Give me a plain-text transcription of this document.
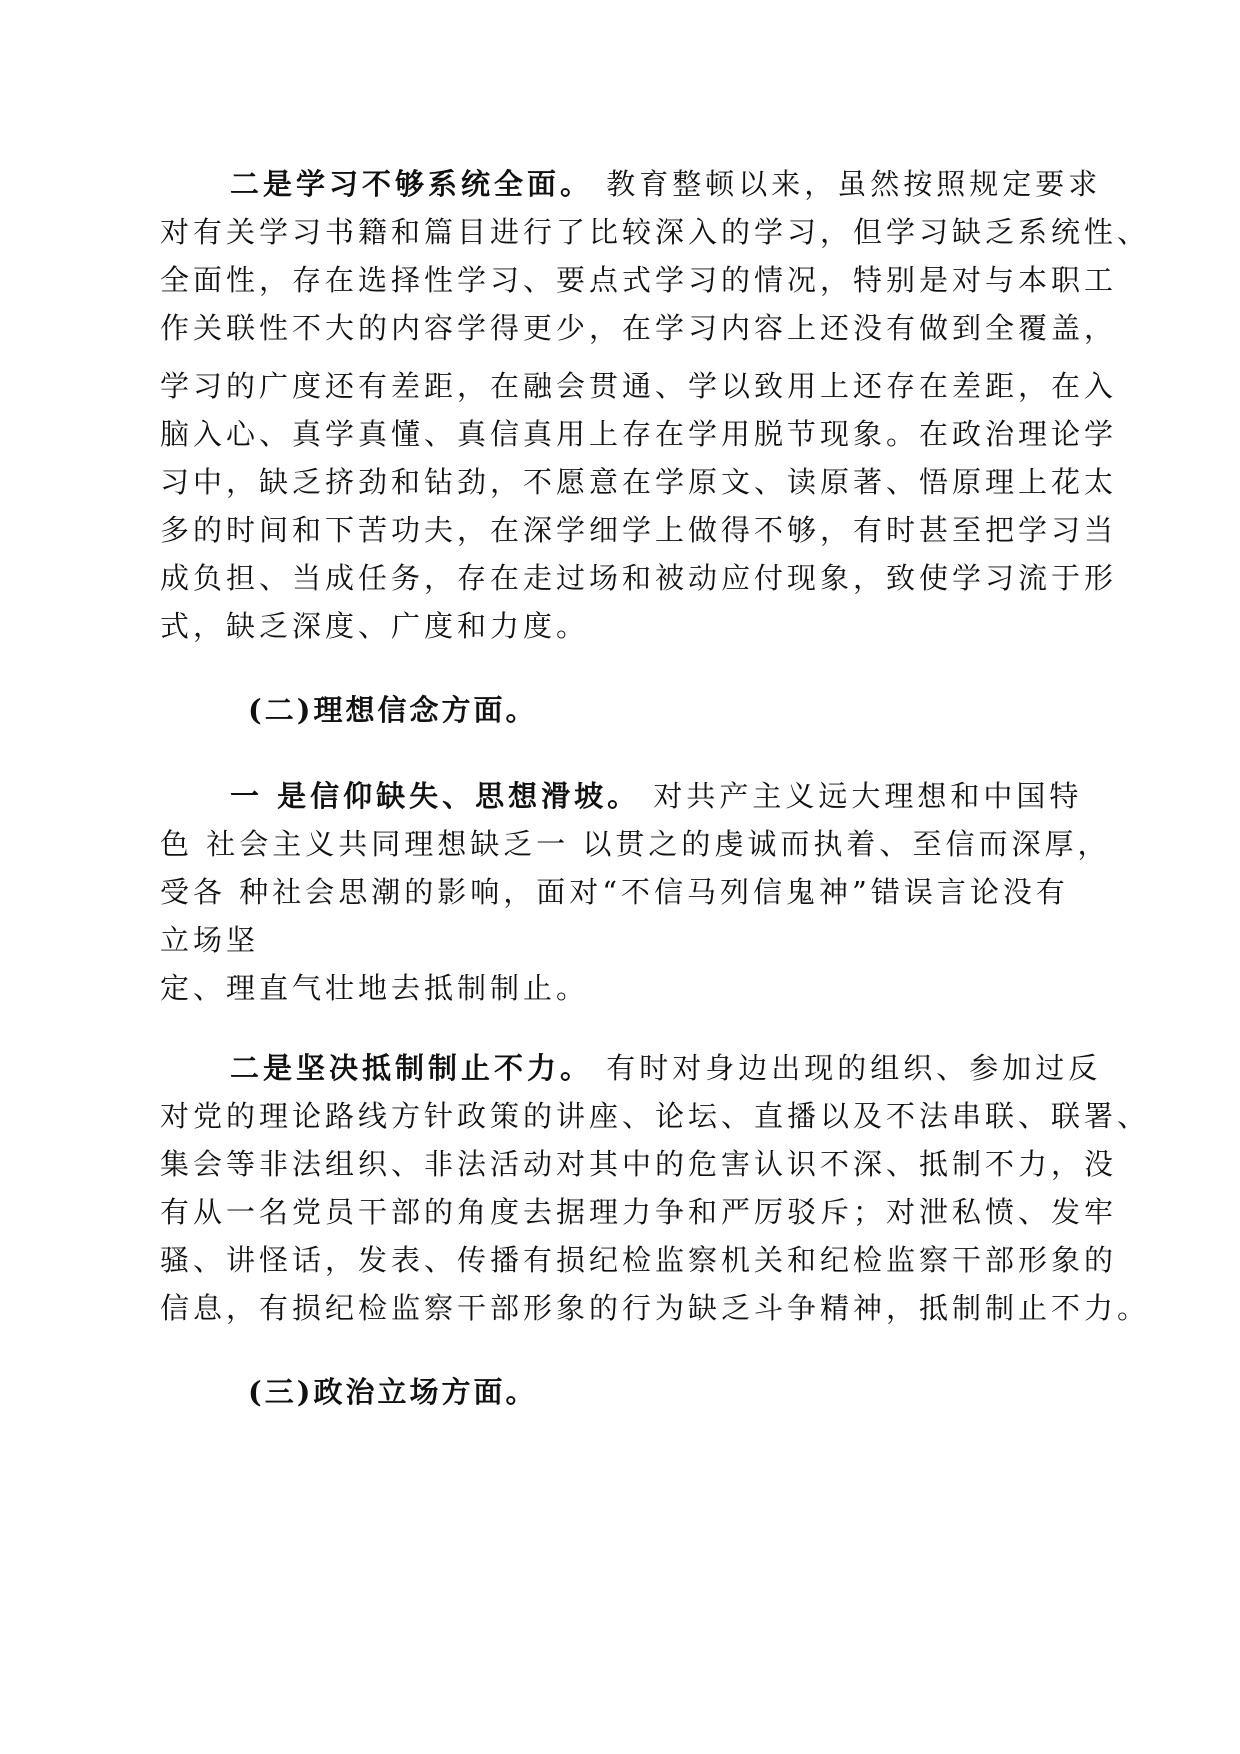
二是学习不够系统全面。 教育整顿以来，虽然按照规定要求
对有关学习书籍和篇目进行了比较深入的学习，但学习缺乏系统性、
全面性，存在选择性学习、要点式学习的情况，特别是对与本职工
作关联性不大的内容学得更少，在学习内容上还没有做到全覆盖，
学习的广度还有差距，在融会贯通、学以致用上还存在差距，在入
脑入心、真学真懂、真信真用上存在学用脱节现象。在政治理论学
习中，缺乏挤劲和钻劲，不愿意在学原文、读原著、悟原理上花太
多的时间和下苦功夫，在深学细学上做得不够，有时甚至把学习当
成负担、当成任务，存在走过场和被动应付现象，致使学习流于形
式，缺乏深度、广度和力度。
(二)理想信念方面。
一 是信仰缺失、思想滑坡。 对共产主义远大理想和中国特
色 社会主义共同理想缺乏一 以贯之的虔诚而执着、至信而深厚，
受各 种社会思潮的影响，面对“不信马列信鬼神”错误言论没有
立场坚
定、理直气壮地去抵制制止。
二是坚决抵制制止不力。 有时对身边出现的组织、参加过反
对党的理论路线方针政策的讲座、论坛、直播以及不法串联、联署、
集会等非法组织、非法活动对其中的危害认识不深、抵制不力，没
有从一名党员干部的角度去据理力争和严厉驳斥；对泄私愤、发牢
骚、讲怪话，发表、传播有损纪检监察机关和纪检监察干部形象的
信息，有损纪检监察干部形象的行为缺乏斗争精神，抵制制止不力。
(三)政治立场方面。
